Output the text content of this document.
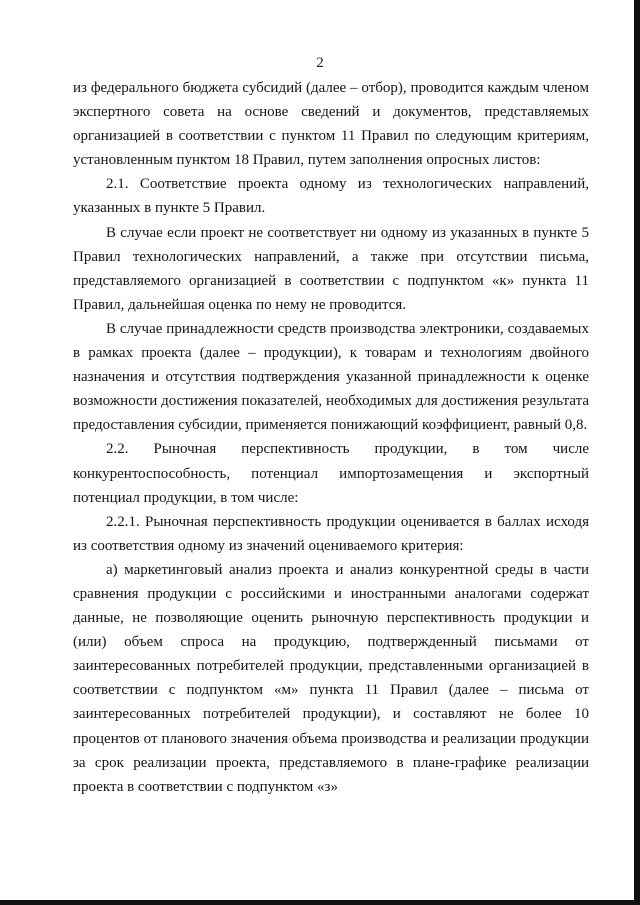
2

из федерального бюджета субсидий (далее – отбор), проводится каждым членом экспертного совета на основе сведений и документов, представляемых организацией в соответствии с пунктом 11 Правил по следующим критериям, установленным пунктом 18 Правил, путем заполнения опросных листов:

2.1. Соответствие проекта одному из технологических направлений, указанных в пункте 5 Правил.

В случае если проект не соответствует ни одному из указанных в пункте 5 Правил технологических направлений, а также при отсутствии письма, представляемого организацией в соответствии с подпунктом «к» пункта 11 Правил, дальнейшая оценка по нему не проводится.

В случае принадлежности средств производства электроники, создаваемых в рамках проекта (далее – продукции), к товарам и технологиям двойного назначения и отсутствия подтверждения указанной принадлежности к оценке возможности достижения показателей, необходимых для достижения результата предоставления субсидии, применяется понижающий коэффициент, равный 0,8.

2.2. Рыночная перспективность продукции, в том числе конкурентоспособность, потенциал импортозамещения и экспортный потенциал продукции, в том числе:

2.2.1. Рыночная перспективность продукции оценивается в баллах исходя из соответствия одному из значений оцениваемого критерия:

а) маркетинговый анализ проекта и анализ конкурентной среды в части сравнения продукции с российскими и иностранными аналогами содержат данные, не позволяющие оценить рыночную перспективность продукции и (или) объем спроса на продукцию, подтвержденный письмами от заинтересованных потребителей продукции, представленными организацией в соответствии с подпунктом «м» пункта 11 Правил (далее – письма от заинтересованных потребителей продукции), и составляют не более 10 процентов от планового значения объема производства и реализации продукции за срок реализации проекта, представляемого в плане-графике реализации проекта в соответствии с подпунктом «з»
